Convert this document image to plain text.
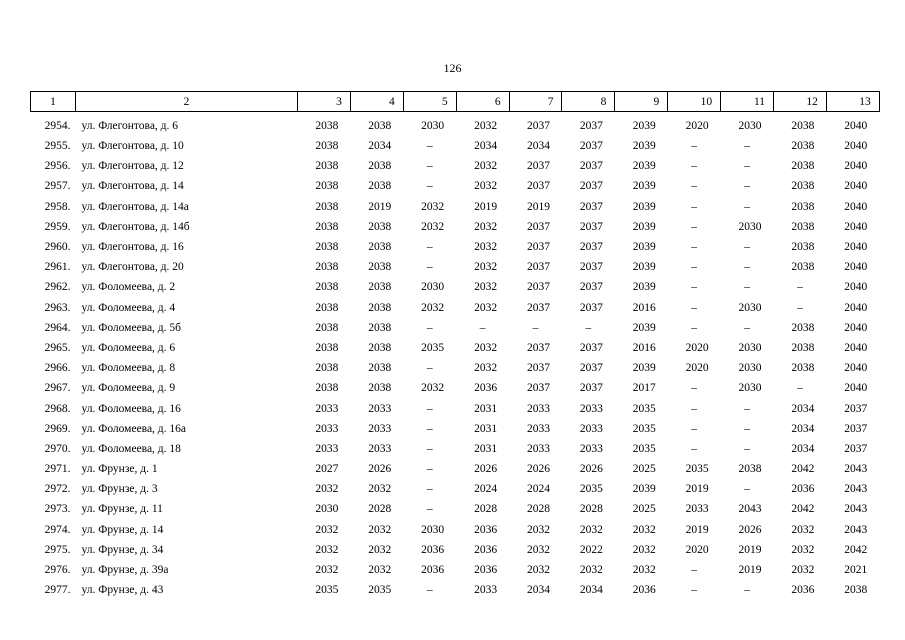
126
1	2	3	4	5	6	7	8	9	10	11	12	13
2954.	ул. Флегонтова, д. 6	2038	2038	2030	2032	2037	2037	2039	2020	2030	2038	2040
2955.	ул. Флегонтова, д. 10	2038	2034	–	2034	2034	2037	2039	–	–	2038	2040
2956.	ул. Флегонтова, д. 12	2038	2038	–	2032	2037	2037	2039	–	–	2038	2040
2957.	ул. Флегонтова, д. 14	2038	2038	–	2032	2037	2037	2039	–	–	2038	2040
2958.	ул. Флегонтова, д. 14а	2038	2019	2032	2019	2019	2037	2039	–	–	2038	2040
2959.	ул. Флегонтова, д. 14б	2038	2038	2032	2032	2037	2037	2039	–	2030	2038	2040
2960.	ул. Флегонтова, д. 16	2038	2038	–	2032	2037	2037	2039	–	–	2038	2040
2961.	ул. Флегонтова, д. 20	2038	2038	–	2032	2037	2037	2039	–	–	2038	2040
2962.	ул. Фоломеева, д. 2	2038	2038	2030	2032	2037	2037	2039	–	–	–	2040
2963.	ул. Фоломеева, д. 4	2038	2038	2032	2032	2037	2037	2016	–	2030	–	2040
2964.	ул. Фоломеева, д. 5б	2038	2038	–	–	–	–	2039	–	–	2038	2040
2965.	ул. Фоломеева, д. 6	2038	2038	2035	2032	2037	2037	2016	2020	2030	2038	2040
2966.	ул. Фоломеева, д. 8	2038	2038	–	2032	2037	2037	2039	2020	2030	2038	2040
2967.	ул. Фоломеева, д. 9	2038	2038	2032	2036	2037	2037	2017	–	2030	–	2040
2968.	ул. Фоломеева, д. 16	2033	2033	–	2031	2033	2033	2035	–	–	2034	2037
2969.	ул. Фоломеева, д. 16а	2033	2033	–	2031	2033	2033	2035	–	–	2034	2037
2970.	ул. Фоломеева, д. 18	2033	2033	–	2031	2033	2033	2035	–	–	2034	2037
2971.	ул. Фрунзе, д. 1	2027	2026	–	2026	2026	2026	2025	2035	2038	2042	2043
2972.	ул. Фрунзе, д. 3	2032	2032	–	2024	2024	2035	2039	2019	–	2036	2043
2973.	ул. Фрунзе, д. 11	2030	2028	–	2028	2028	2028	2025	2033	2043	2042	2043
2974.	ул. Фрунзе, д. 14	2032	2032	2030	2036	2032	2032	2032	2019	2026	2032	2043
2975.	ул. Фрунзе, д. 34	2032	2032	2036	2036	2032	2022	2032	2020	2019	2032	2042
2976.	ул. Фрунзе, д. 39а	2032	2032	2036	2036	2032	2032	2032	–	2019	2032	2021
2977.	ул. Фрунзе, д. 43	2035	2035	–	2033	2034	2034	2036	–	–	2036	2038
